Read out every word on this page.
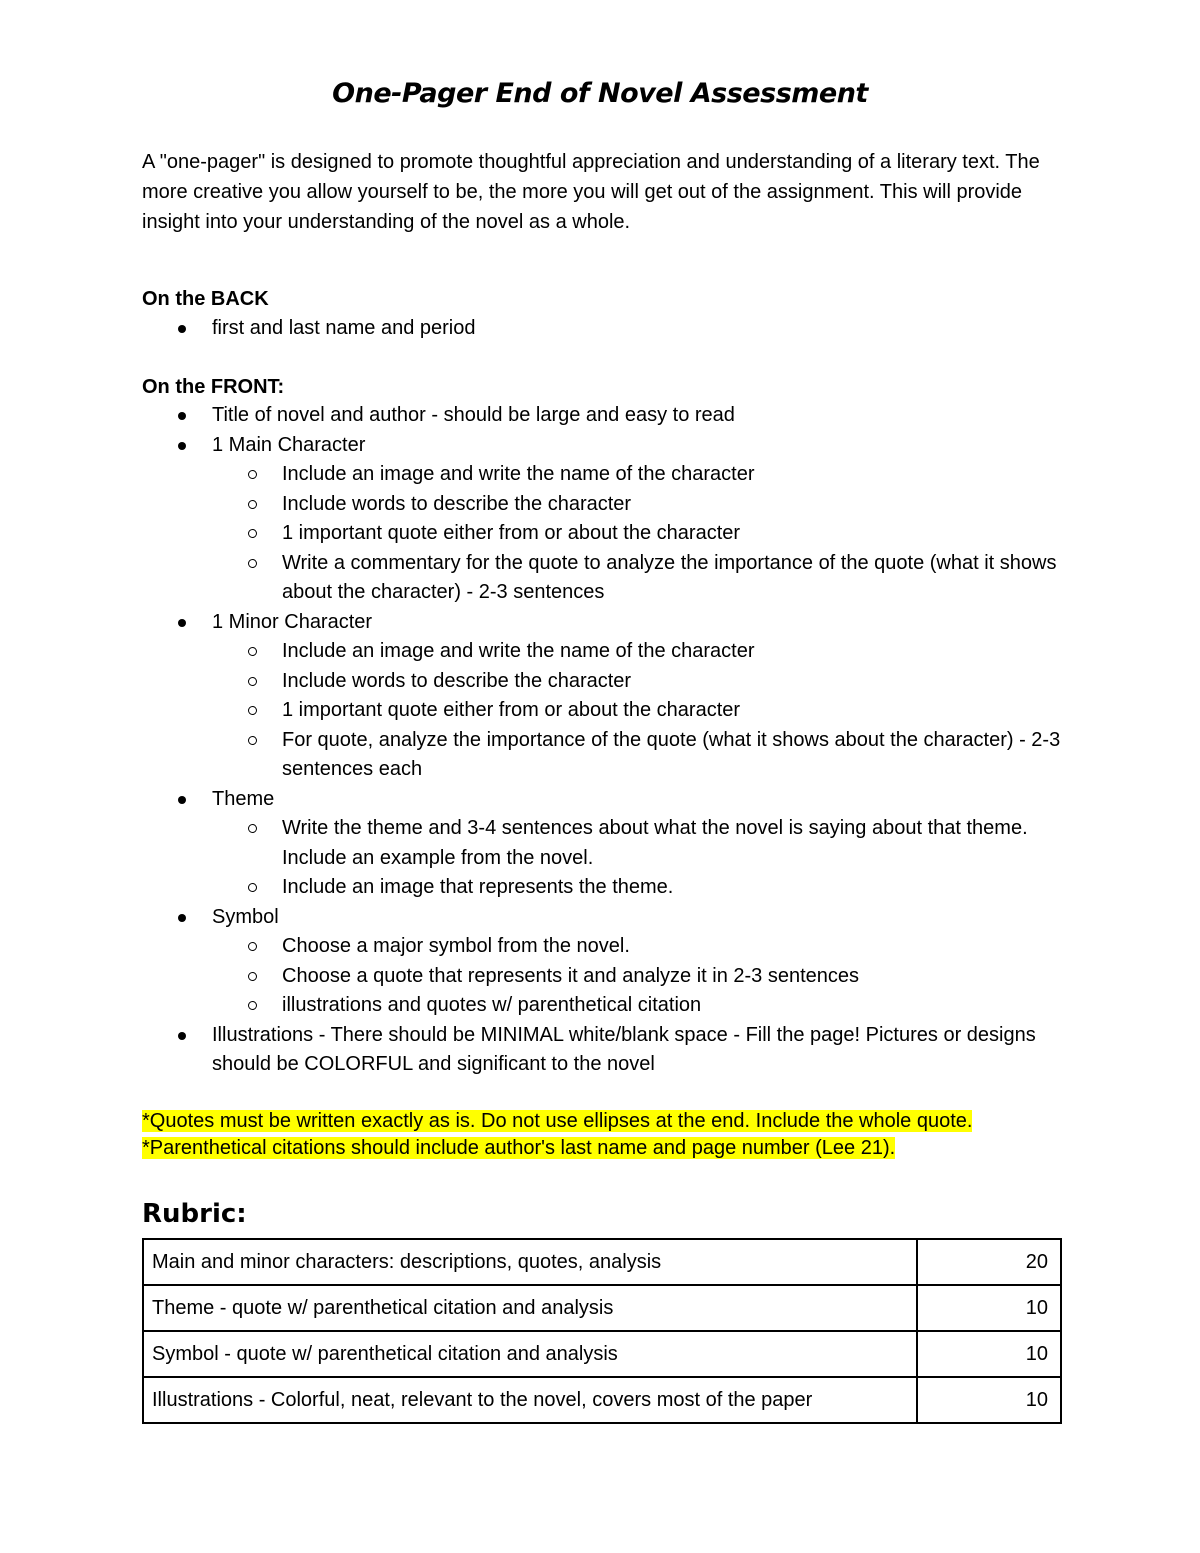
One-Pager End of Novel Assessment

A "one-pager" is designed to promote thoughtful appreciation and understanding of a literary text. The more creative you allow yourself to be, the more you will get out of the assignment. This will provide insight into your understanding of the novel as a whole.

On the BACK

first and last name and period

On the FRONT:

Title of novel and author - should be large and easy to read
1 Main Character
Include an image and write the name of the character
Include words to describe the character
1 important quote either from or about the character
Write a commentary for the quote to analyze the importance of the quote (what it shows about the character) - 2-3 sentences
1 Minor Character
Include an image and write the name of the character
Include words to describe the character
1 important quote either from or about the character
For quote, analyze the importance of the quote (what it shows about the character) - 2-3 sentences each
Theme
Write the theme and 3-4 sentences about what the novel is saying about that theme. Include an example from the novel.
Include an image that represents the theme.
Symbol
Choose a major symbol from the novel.
Choose a quote that represents it and analyze it in 2-3 sentences
illustrations and quotes w/ parenthetical citation
Illustrations - There should be MINIMAL white/blank space - Fill the page! Pictures or designs should be COLORFUL and significant to the novel
*Quotes must be written exactly as is. Do not use ellipses at the end. Include the whole quote.
*Parenthetical citations should include author's last name and page number (Lee 21).
Rubric:
Main and minor characters: descriptions, quotes, analysis	20
Theme - quote w/ parenthetical citation and analysis	10
Symbol - quote w/ parenthetical citation and analysis	10
Illustrations - Colorful, neat, relevant to the novel, covers most of the paper	10
